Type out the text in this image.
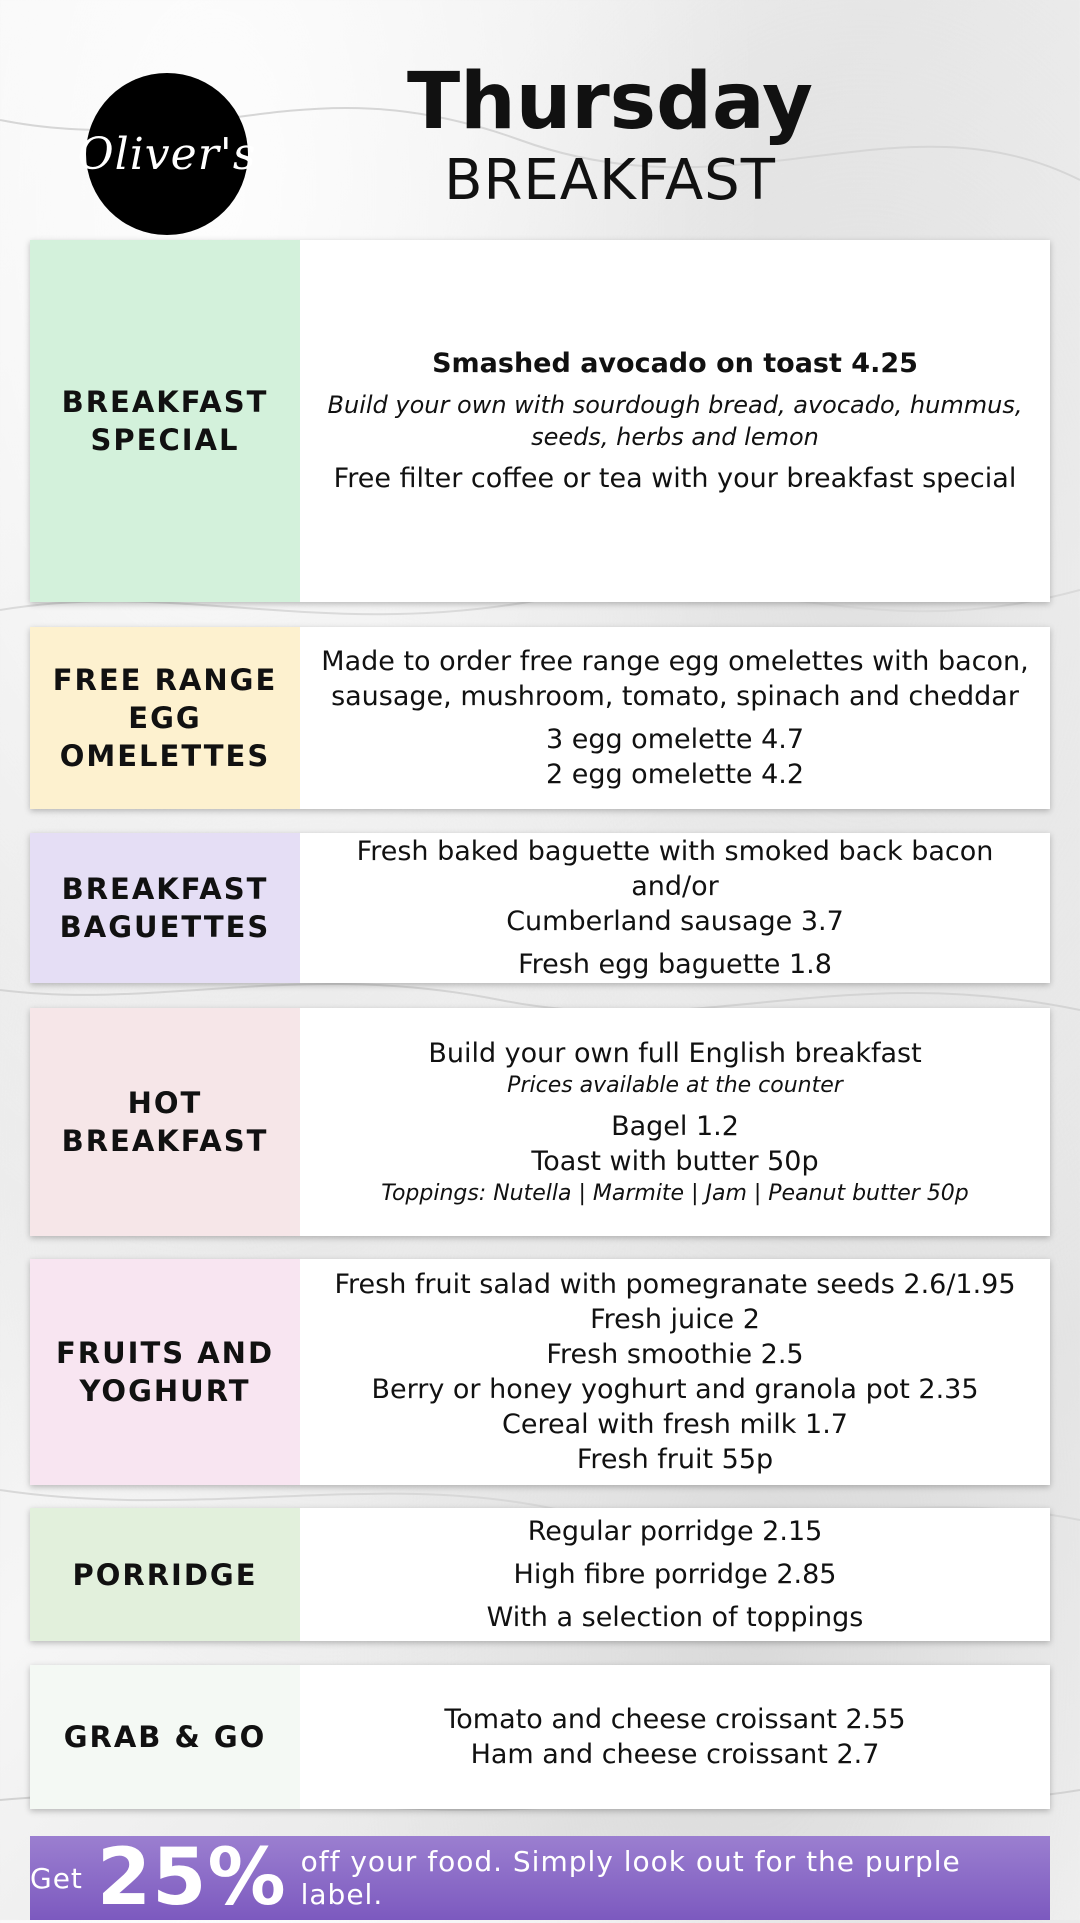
Oliver's
Thursday
BREAKFAST
BREAKFAST
SPECIAL
Smashed avocado on toast 4.25
Build your own with sourdough bread, avocado, hummus,
seeds, herbs and lemon
Free filter coffee or tea with your breakfast special
FREE RANGE
EGG
OMELETTES
Made to order free range egg omelettes with bacon,
sausage, mushroom, tomato, spinach and cheddar
3 egg omelette 4.7
2 egg omelette 4.2
BREAKFAST
BAGUETTES
Fresh baked baguette with smoked back bacon and/or
Cumberland sausage 3.7
Fresh egg baguette 1.8
HOT
BREAKFAST
Build your own full English breakfast
Prices available at the counter
Bagel 1.2
Toast with butter 50p
Toppings: Nutella | Marmite | Jam | Peanut butter 50p
FRUITS AND
YOGHURT
Fresh fruit salad with pomegranate seeds 2.6/1.95
Fresh juice 2
Fresh smoothie 2.5
Berry or honey yoghurt and granola pot 2.35
Cereal with fresh milk 1.7
Fresh fruit 55p
PORRIDGE
Regular porridge 2.15
High fibre porridge 2.85
With a selection of toppings
GRAB & GO
Tomato and cheese croissant 2.55
Ham and cheese croissant 2.7
Get 25% off your food. Simply look out for the purple label.
